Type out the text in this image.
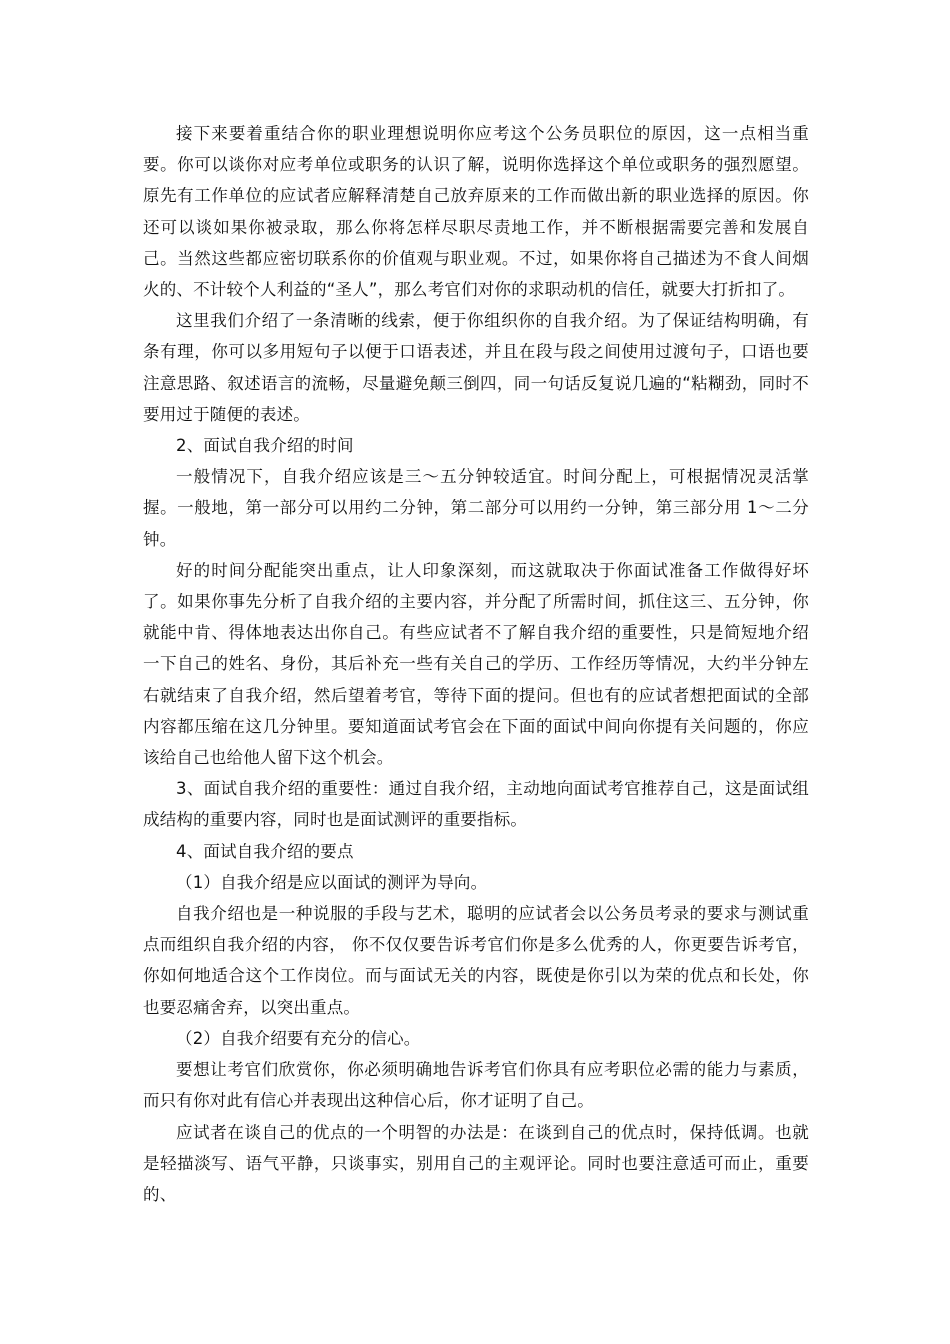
接下来要着重结合你的职业理想说明你应考这个公务员职位的原因，这一点相当重要。你可以谈你对应考单位或职务的认识了解，说明你选择这个单位或职务的强烈愿望。原先有工作单位的应试者应解释清楚自己放弃原来的工作而做出新的职业选择的原因。你还可以谈如果你被录取，那么你将怎样尽职尽责地工作，并不断根据需要完善和发展自己。当然这些都应密切联系你的价值观与职业观。不过，如果你将自己描述为不食人间烟火的、不计较个人利益的“圣人”，那么考官们对你的求职动机的信任，就要大打折扣了。

这里我们介绍了一条清晰的线索，便于你组织你的自我介绍。为了保证结构明确，有条有理，你可以多用短句子以便于口语表述，并且在段与段之间使用过渡句子，口语也要注意思路、叙述语言的流畅，尽量避免颠三倒四，同一句话反复说几遍的“粘糊劲，同时不要用过于随便的表述。

2、面试自我介绍的时间

一般情况下，自我介绍应该是三～五分钟较适宜。时间分配上，可根据情况灵活掌握。一般地，第一部分可以用约二分钟，第二部分可以用约一分钟，第三部分用 1～二分钟。

好的时间分配能突出重点，让人印象深刻，而这就取决于你面试准备工作做得好坏了。如果你事先分析了自我介绍的主要内容，并分配了所需时间，抓住这三、五分钟，你就能中肯、得体地表达出你自己。有些应试者不了解自我介绍的重要性，只是简短地介绍一下自己的姓名、身份，其后补充一些有关自己的学历、工作经历等情况，大约半分钟左右就结束了自我介绍，然后望着考官，等待下面的提问。但也有的应试者想把面试的全部内容都压缩在这几分钟里。要知道面试考官会在下面的面试中间向你提有关问题的，你应该给自己也给他人留下这个机会。

3、面试自我介绍的重要性：通过自我介绍，主动地向面试考官推荐自己，这是面试组成结构的重要内容，同时也是面试测评的重要指标。

4、面试自我介绍的要点

（1）自我介绍是应以面试的测评为导向。

自我介绍也是一种说服的手段与艺术，聪明的应试者会以公务员考录的要求与测试重点而组织自我介绍的内容， 你不仅仅要告诉考官们你是多么优秀的人，你更要告诉考官，你如何地适合这个工作岗位。而与面试无关的内容，既使是你引以为荣的优点和长处，你也要忍痛舍弃，以突出重点。

（2）自我介绍要有充分的信心。

要想让考官们欣赏你，你必须明确地告诉考官们你具有应考职位必需的能力与素质，而只有你对此有信心并表现出这种信心后，你才证明了自己。

应试者在谈自己的优点的一个明智的办法是：在谈到自己的优点时，保持低调。也就是轻描淡写、语气平静，只谈事实，别用自己的主观评论。同时也要注意适可而止，重要的、
